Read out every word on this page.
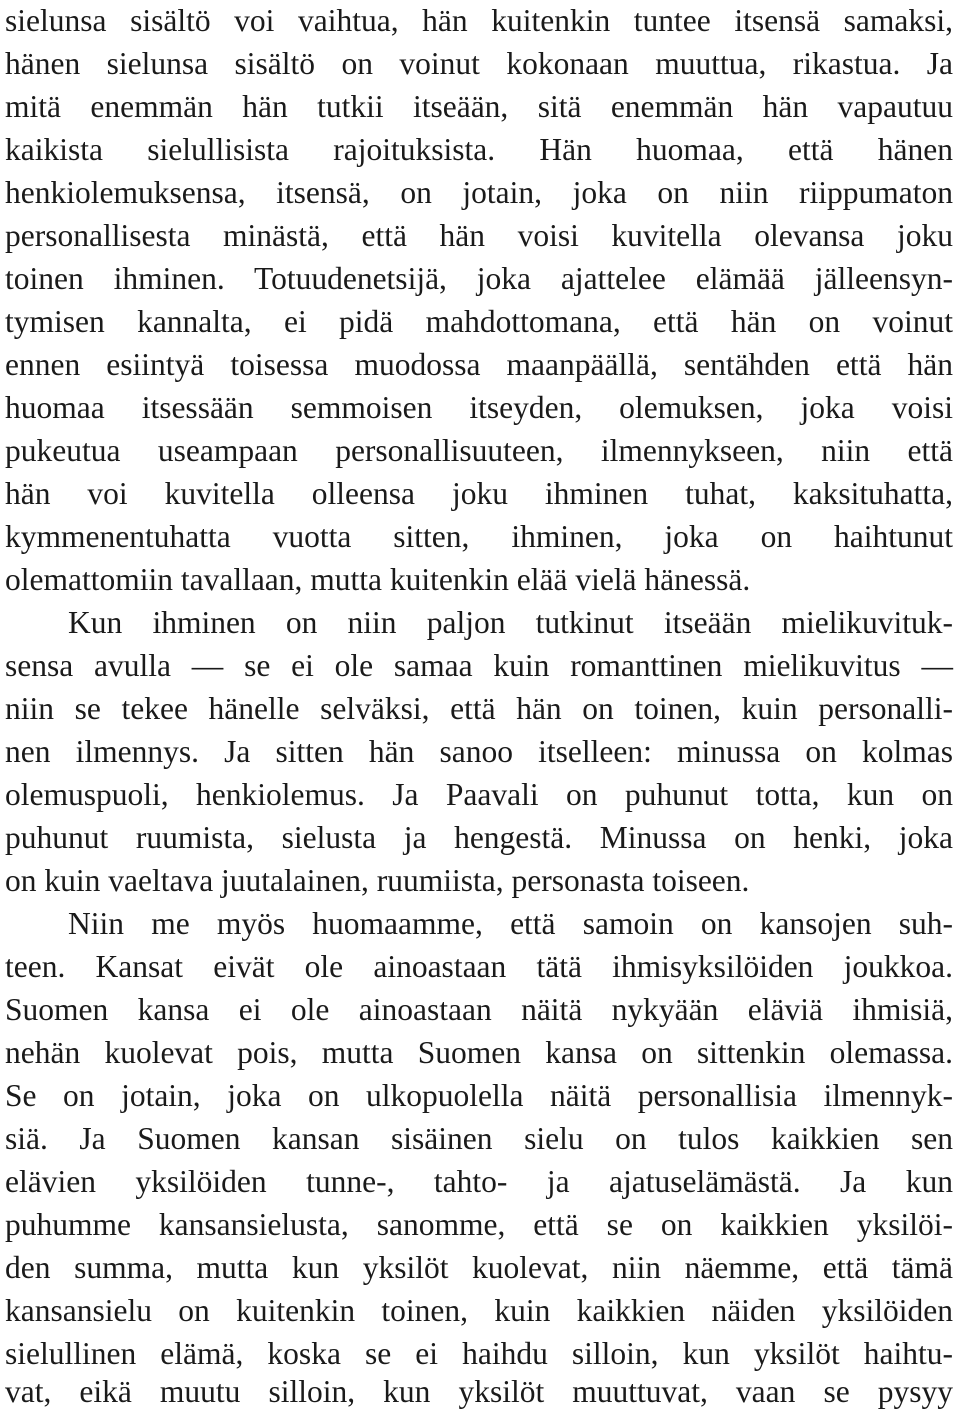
sielunsa sisältö voi vaihtua, hän kuitenkin tuntee itsensä samaksi,
hänen sielunsa sisältö on voinut kokonaan muuttua, rikastua. Ja
mitä enemmän hän tutkii itseään, sitä enemmän hän vapautuu
kaikista sielullisista rajoituksista. Hän huomaa, että hänen
henkiolemuksensa, itsensä, on jotain, joka on niin riippumaton
personallisesta minästä, että hän voisi kuvitella olevansa joku
toinen ihminen. Totuudenetsijä, joka ajattelee elämää jälleensyn-
tymisen kannalta, ei pidä mahdottomana, että hän on voinut
ennen esiintyä toisessa muodossa maanpäällä, sentähden että hän
huomaa itsessään semmoisen itseyden, olemuksen, joka voisi
pukeutua useampaan personallisuuteen, ilmennykseen, niin että
hän voi kuvitella olleensa joku ihminen tuhat, kaksituhatta,
kymmenentuhatta vuotta sitten, ihminen, joka on haihtunut
olemattomiin tavallaan, mutta kuitenkin elää vielä hänessä.
Kun ihminen on niin paljon tutkinut itseään mielikuvituk-
sensa avulla — se ei ole samaa kuin romanttinen mielikuvitus —
niin se tekee hänelle selväksi, että hän on toinen, kuin personalli-
nen ilmennys. Ja sitten hän sanoo itselleen: minussa on kolmas
olemuspuoli, henkiolemus. Ja Paavali on puhunut totta, kun on
puhunut ruumista, sielusta ja hengestä. Minussa on henki, joka
on kuin vaeltava juutalainen, ruumiista, personasta toiseen.
Niin me myös huomaamme, että samoin on kansojen suh-
teen. Kansat eivät ole ainoastaan tätä ihmisyksilöiden joukkoa.
Suomen kansa ei ole ainoastaan näitä nykyään eläviä ihmisiä,
nehän kuolevat pois, mutta Suomen kansa on sittenkin olemassa.
Se on jotain, joka on ulkopuolella näitä personallisia ilmennyk-
siä. Ja Suomen kansan sisäinen sielu on tulos kaikkien sen
elävien yksilöiden tunne-, tahto- ja ajatuselämästä. Ja kun
puhumme kansansielusta, sanomme, että se on kaikkien yksilöi-
den summa, mutta kun yksilöt kuolevat, niin näemme, että tämä
kansansielu on kuitenkin toinen, kuin kaikkien näiden yksilöiden
sielullinen elämä, koska se ei haihdu silloin, kun yksilöt haihtu-
vat, eikä muutu silloin, kun yksilöt muuttuvat, vaan se pysyy
